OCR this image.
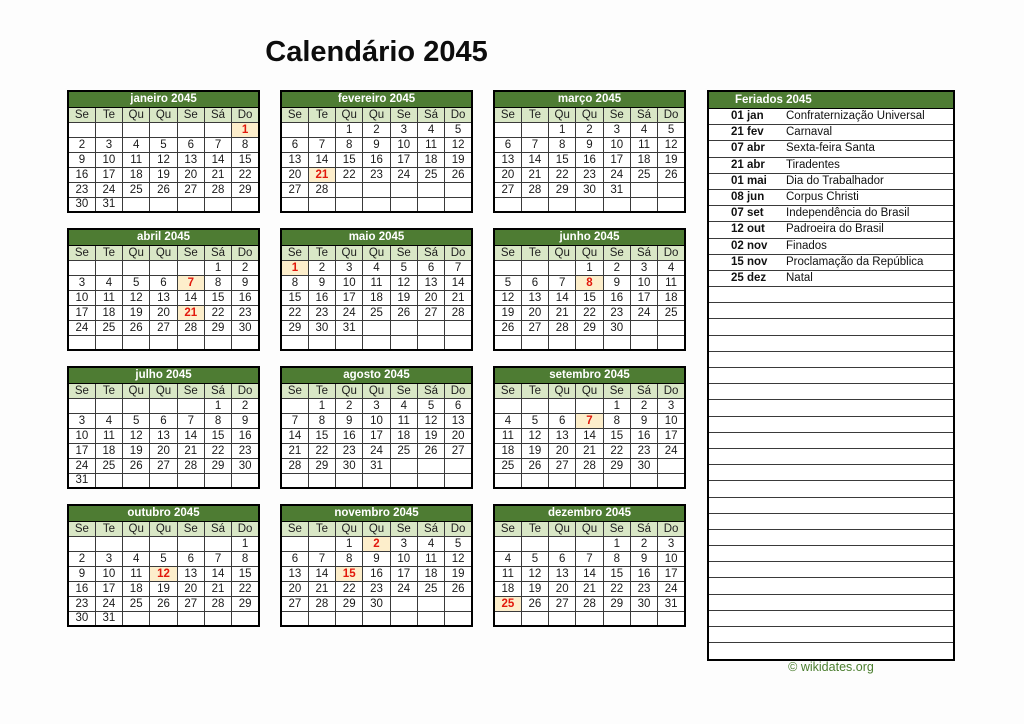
Calendário 2045
janeiro 2045						
Se	Te	Qu	Qu	Se	Sá	Do
						1
2	3	4	5	6	7	8
9	10	11	12	13	14	15
16	17	18	19	20	21	22
23	24	25	26	27	28	29
30	31					
fevereiro 2045						
Se	Te	Qu	Qu	Se	Sá	Do
		1	2	3	4	5
6	7	8	9	10	11	12
13	14	15	16	17	18	19
20	21	22	23	24	25	26
27	28					

março 2045						
Se	Te	Qu	Qu	Se	Sá	Do
		1	2	3	4	5
6	7	8	9	10	11	12
13	14	15	16	17	18	19
20	21	22	23	24	25	26
27	28	29	30	31		

abril 2045						
Se	Te	Qu	Qu	Se	Sá	Do
					1	2
3	4	5	6	7	8	9
10	11	12	13	14	15	16
17	18	19	20	21	22	23
24	25	26	27	28	29	30

maio 2045						
Se	Te	Qu	Qu	Se	Sá	Do
1	2	3	4	5	6	7
8	9	10	11	12	13	14
15	16	17	18	19	20	21
22	23	24	25	26	27	28
29	30	31				

junho 2045						
Se	Te	Qu	Qu	Se	Sá	Do
			1	2	3	4
5	6	7	8	9	10	11
12	13	14	15	16	17	18
19	20	21	22	23	24	25
26	27	28	29	30		

julho 2045						
Se	Te	Qu	Qu	Se	Sá	Do
					1	2
3	4	5	6	7	8	9
10	11	12	13	14	15	16
17	18	19	20	21	22	23
24	25	26	27	28	29	30
31						
agosto 2045						
Se	Te	Qu	Qu	Se	Sá	Do
	1	2	3	4	5	6
7	8	9	10	11	12	13
14	15	16	17	18	19	20
21	22	23	24	25	26	27
28	29	30	31			

setembro 2045						
Se	Te	Qu	Qu	Se	Sá	Do
				1	2	3
4	5	6	7	8	9	10
11	12	13	14	15	16	17
18	19	20	21	22	23	24
25	26	27	28	29	30	

outubro 2045						
Se	Te	Qu	Qu	Se	Sá	Do
						1
2	3	4	5	6	7	8
9	10	11	12	13	14	15
16	17	18	19	20	21	22
23	24	25	26	27	28	29
30	31					
novembro 2045						
Se	Te	Qu	Qu	Se	Sá	Do
		1	2	3	4	5
6	7	8	9	10	11	12
13	14	15	16	17	18	19
20	21	22	23	24	25	26
27	28	29	30			

dezembro 2045						
Se	Te	Qu	Qu	Se	Sá	Do
				1	2	3
4	5	6	7	8	9	10
11	12	13	14	15	16	17
18	19	20	21	22	23	24
25	26	27	28	29	30	31

Feriados 2045
01 jan	Confraternização Universal
21 fev	Carnaval
07 abr	Sexta-feira Santa
21 abr	Tiradentes
01 mai	Dia do Trabalhador
08 jun	Corpus Christi
07 set	Independência do Brasil
12 out	Padroeira do Brasil
02 nov	Finados
15 nov	Proclamação da República
25 dez	Natal
© wikidates.org
